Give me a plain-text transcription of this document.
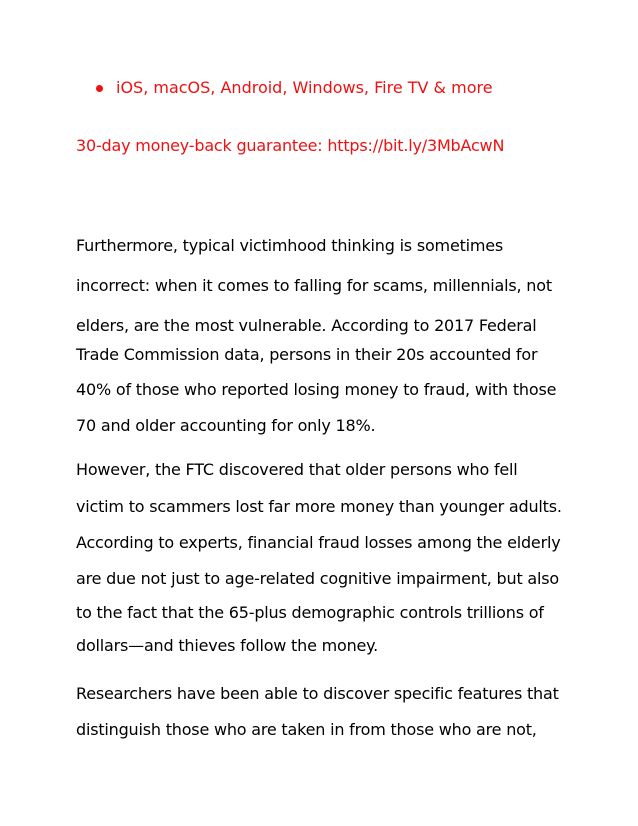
iOS, macOS, Android, Windows, Fire TV & more
30-day money-back guarantee: https://bit.ly/3MbAcwN
Furthermore, typical victimhood thinking is sometimes
incorrect: when it comes to falling for scams, millennials, not
elders, are the most vulnerable. According to 2017 Federal
Trade Commission data, persons in their 20s accounted for
40% of those who reported losing money to fraud, with those
70 and older accounting for only 18%.
However, the FTC discovered that older persons who fell
victim to scammers lost far more money than younger adults.
According to experts, financial fraud losses among the elderly
are due not just to age-related cognitive impairment, but also
to the fact that the 65-plus demographic controls trillions of
dollars—and thieves follow the money.
Researchers have been able to discover specific features that
distinguish those who are taken in from those who are not,
